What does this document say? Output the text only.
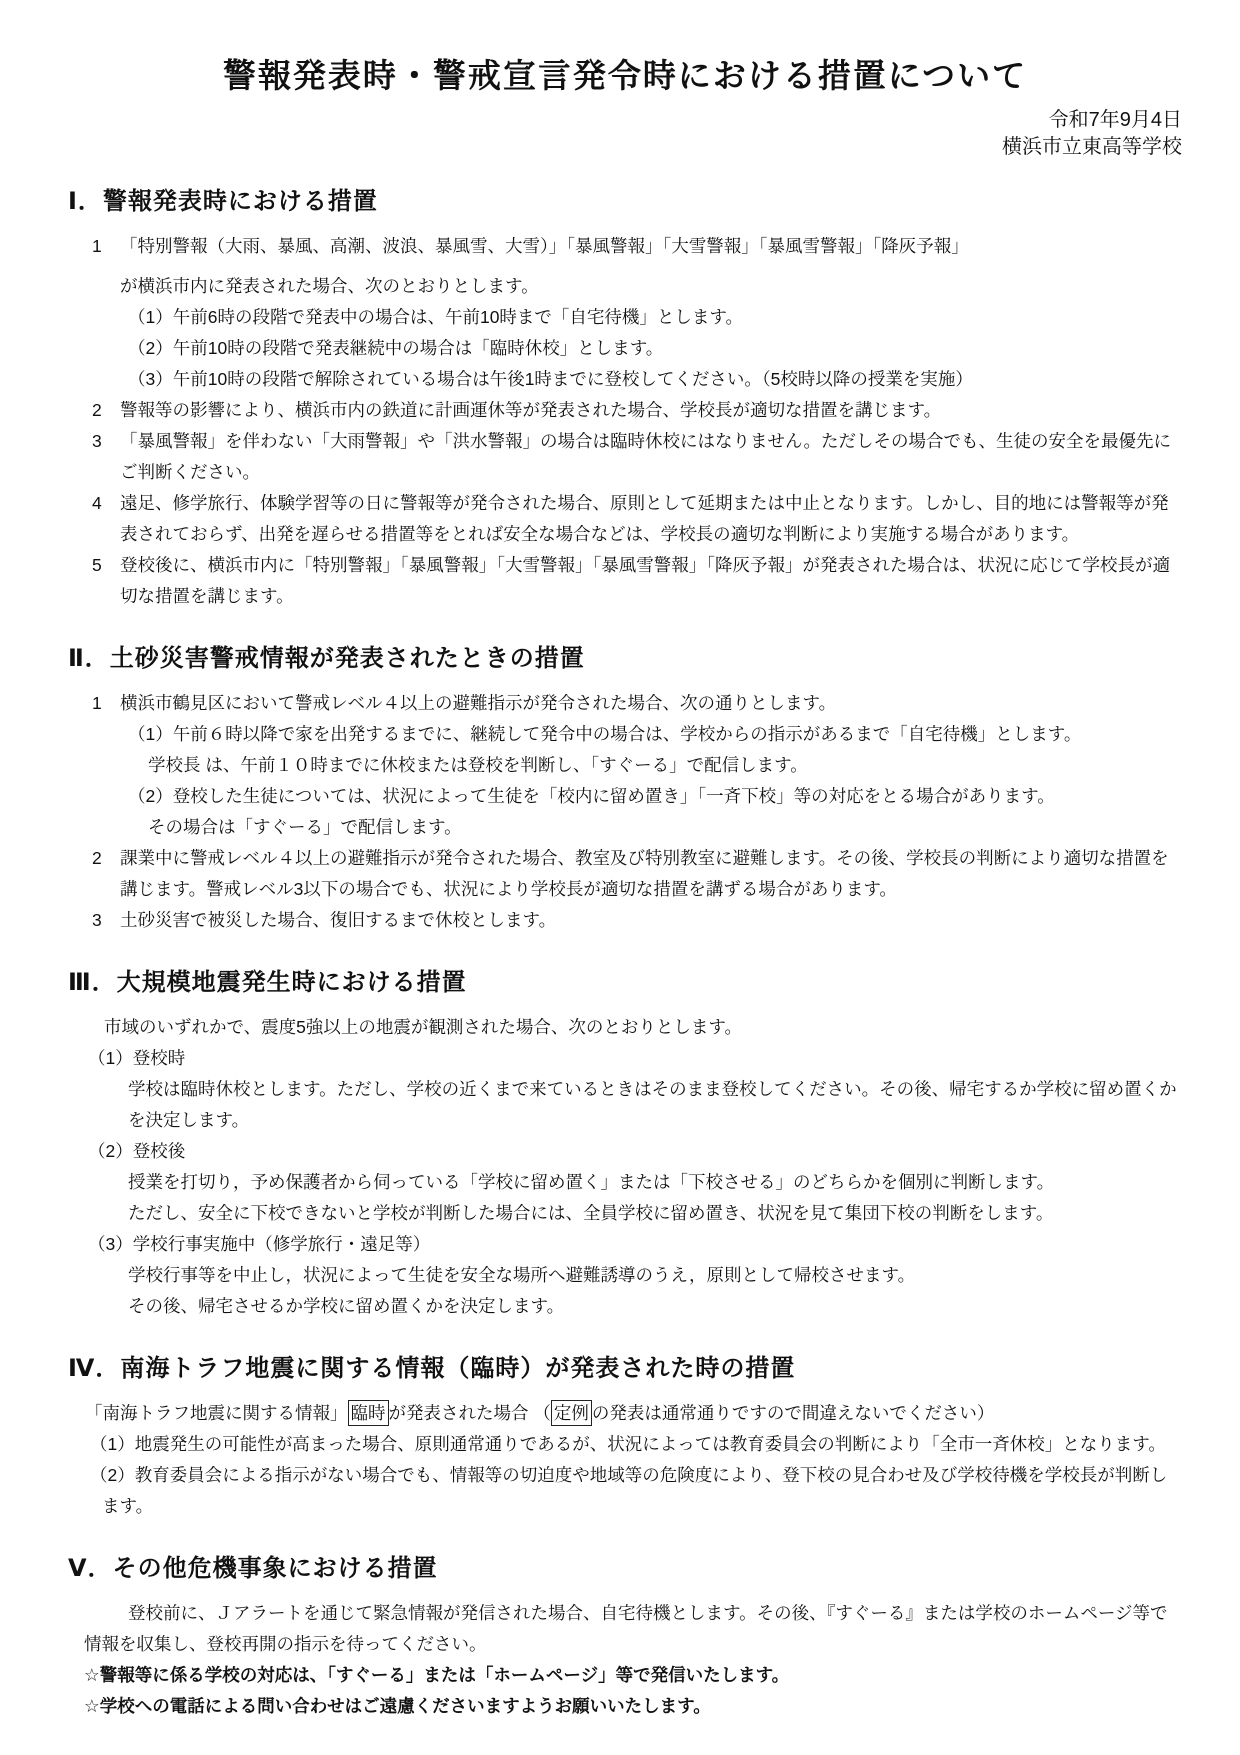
警報発表時・警戒宣言発令時における措置について
令和7年9月4日
横浜市立東高等学校
Ⅰ．警報発表時における措置
1 「特別警報（大雨、暴風、高潮、波浪、暴風雪、大雪）」「暴風警報」「大雪警報」「暴風雪警報」「降灰予報」
が横浜市内に発表された場合、次のとおりとします。
（1）午前6時の段階で発表中の場合は、午前10時まで「自宅待機」とします。
（2）午前10時の段階で発表継続中の場合は「臨時休校」とします。
（3）午前10時の段階で解除されている場合は午後1時までに登校してください。（5校時以降の授業を実施）
2 警報等の影響により、横浜市内の鉄道に計画運休等が発表された場合、学校長が適切な措置を講じます。
3 「暴風警報」を伴わない「大雨警報」や「洪水警報」の場合は臨時休校にはなりません。ただしその場合でも、生徒の安全を最優先にご判断ください。
4 遠足、修学旅行、体験学習等の日に警報等が発令された場合、原則として延期または中止となります。しかし、目的地には警報等が発表されておらず、出発を遅らせる措置等をとれば安全な場合などは、学校長の適切な判断により実施する場合があります。
5 登校後に、横浜市内に「特別警報」「暴風警報」「大雪警報」「暴風雪警報」「降灰予報」が発表された場合は、状況に応じて学校長が適切な措置を講じます。
Ⅱ．土砂災害警戒情報が発表されたときの措置
1 横浜市鶴見区において警戒レベル４以上の避難指示が発令された場合、次の通りとします。
（1）午前６時以降で家を出発するまでに、継続して発令中の場合は、学校からの指示があるまで「自宅待機」とします。
学校長 は、午前１０時までに休校または登校を判断し、「すぐーる」で配信します。
（2）登校した生徒については、状況によって生徒を「校内に留め置き」「一斉下校」等の対応をとる場合があります。
その場合は「すぐーる」で配信します。
2 課業中に警戒レベル４以上の避難指示が発令された場合、教室及び特別教室に避難します。その後、学校長の判断により適切な措置を講じます。警戒レベル3以下の場合でも、状況により学校長が適切な措置を講ずる場合があります。
3 土砂災害で被災した場合、復旧するまで休校とします。
Ⅲ．大規模地震発生時における措置
市域のいずれかで、震度5強以上の地震が観測された場合、次のとおりとします。
（1）登校時
学校は臨時休校とします。ただし、学校の近くまで来ているときはそのまま登校してください。その後、帰宅するか学校に留め置くかを決定します。
（2）登校後
授業を打切り，予め保護者から伺っている「学校に留め置く」または「下校させる」のどちらかを個別に判断します。
ただし、安全に下校できないと学校が判断した場合には、全員学校に留め置き、状況を見て集団下校の判断をします。
（3）学校行事実施中（修学旅行・遠足等）
学校行事等を中止し，状況によって生徒を安全な場所へ避難誘導のうえ，原則として帰校させます。
その後、帰宅させるか学校に留め置くかを決定します。
Ⅳ．南海トラフ地震に関する情報（臨時）が発表された時の措置
「南海トラフ地震に関する情報」 臨時 が発表された場合 （ 定例 の発表は通常通りですので間違えないでください）
（1）地震発生の可能性が高まった場合、原則通常通りであるが、状況によっては教育委員会の判断により「全市一斉休校」となります。
（2）教育委員会による指示がない場合でも、情報等の切迫度や地域等の危険度により、登下校の見合わせ及び学校待機を学校長が判断します。
Ⅴ．その他危機事象における措置
登校前に、Ｊアラートを通じて緊急情報が発信された場合、自宅待機とします。その後、『すぐーる』または学校のホームページ等で情報を収集し、登校再開の指示を待ってください。
☆警報等に係る学校の対応は、「すぐーる」または「ホームページ」等で発信いたします。
☆学校への電話による問い合わせはご遠慮くださいますようお願いいたします。
